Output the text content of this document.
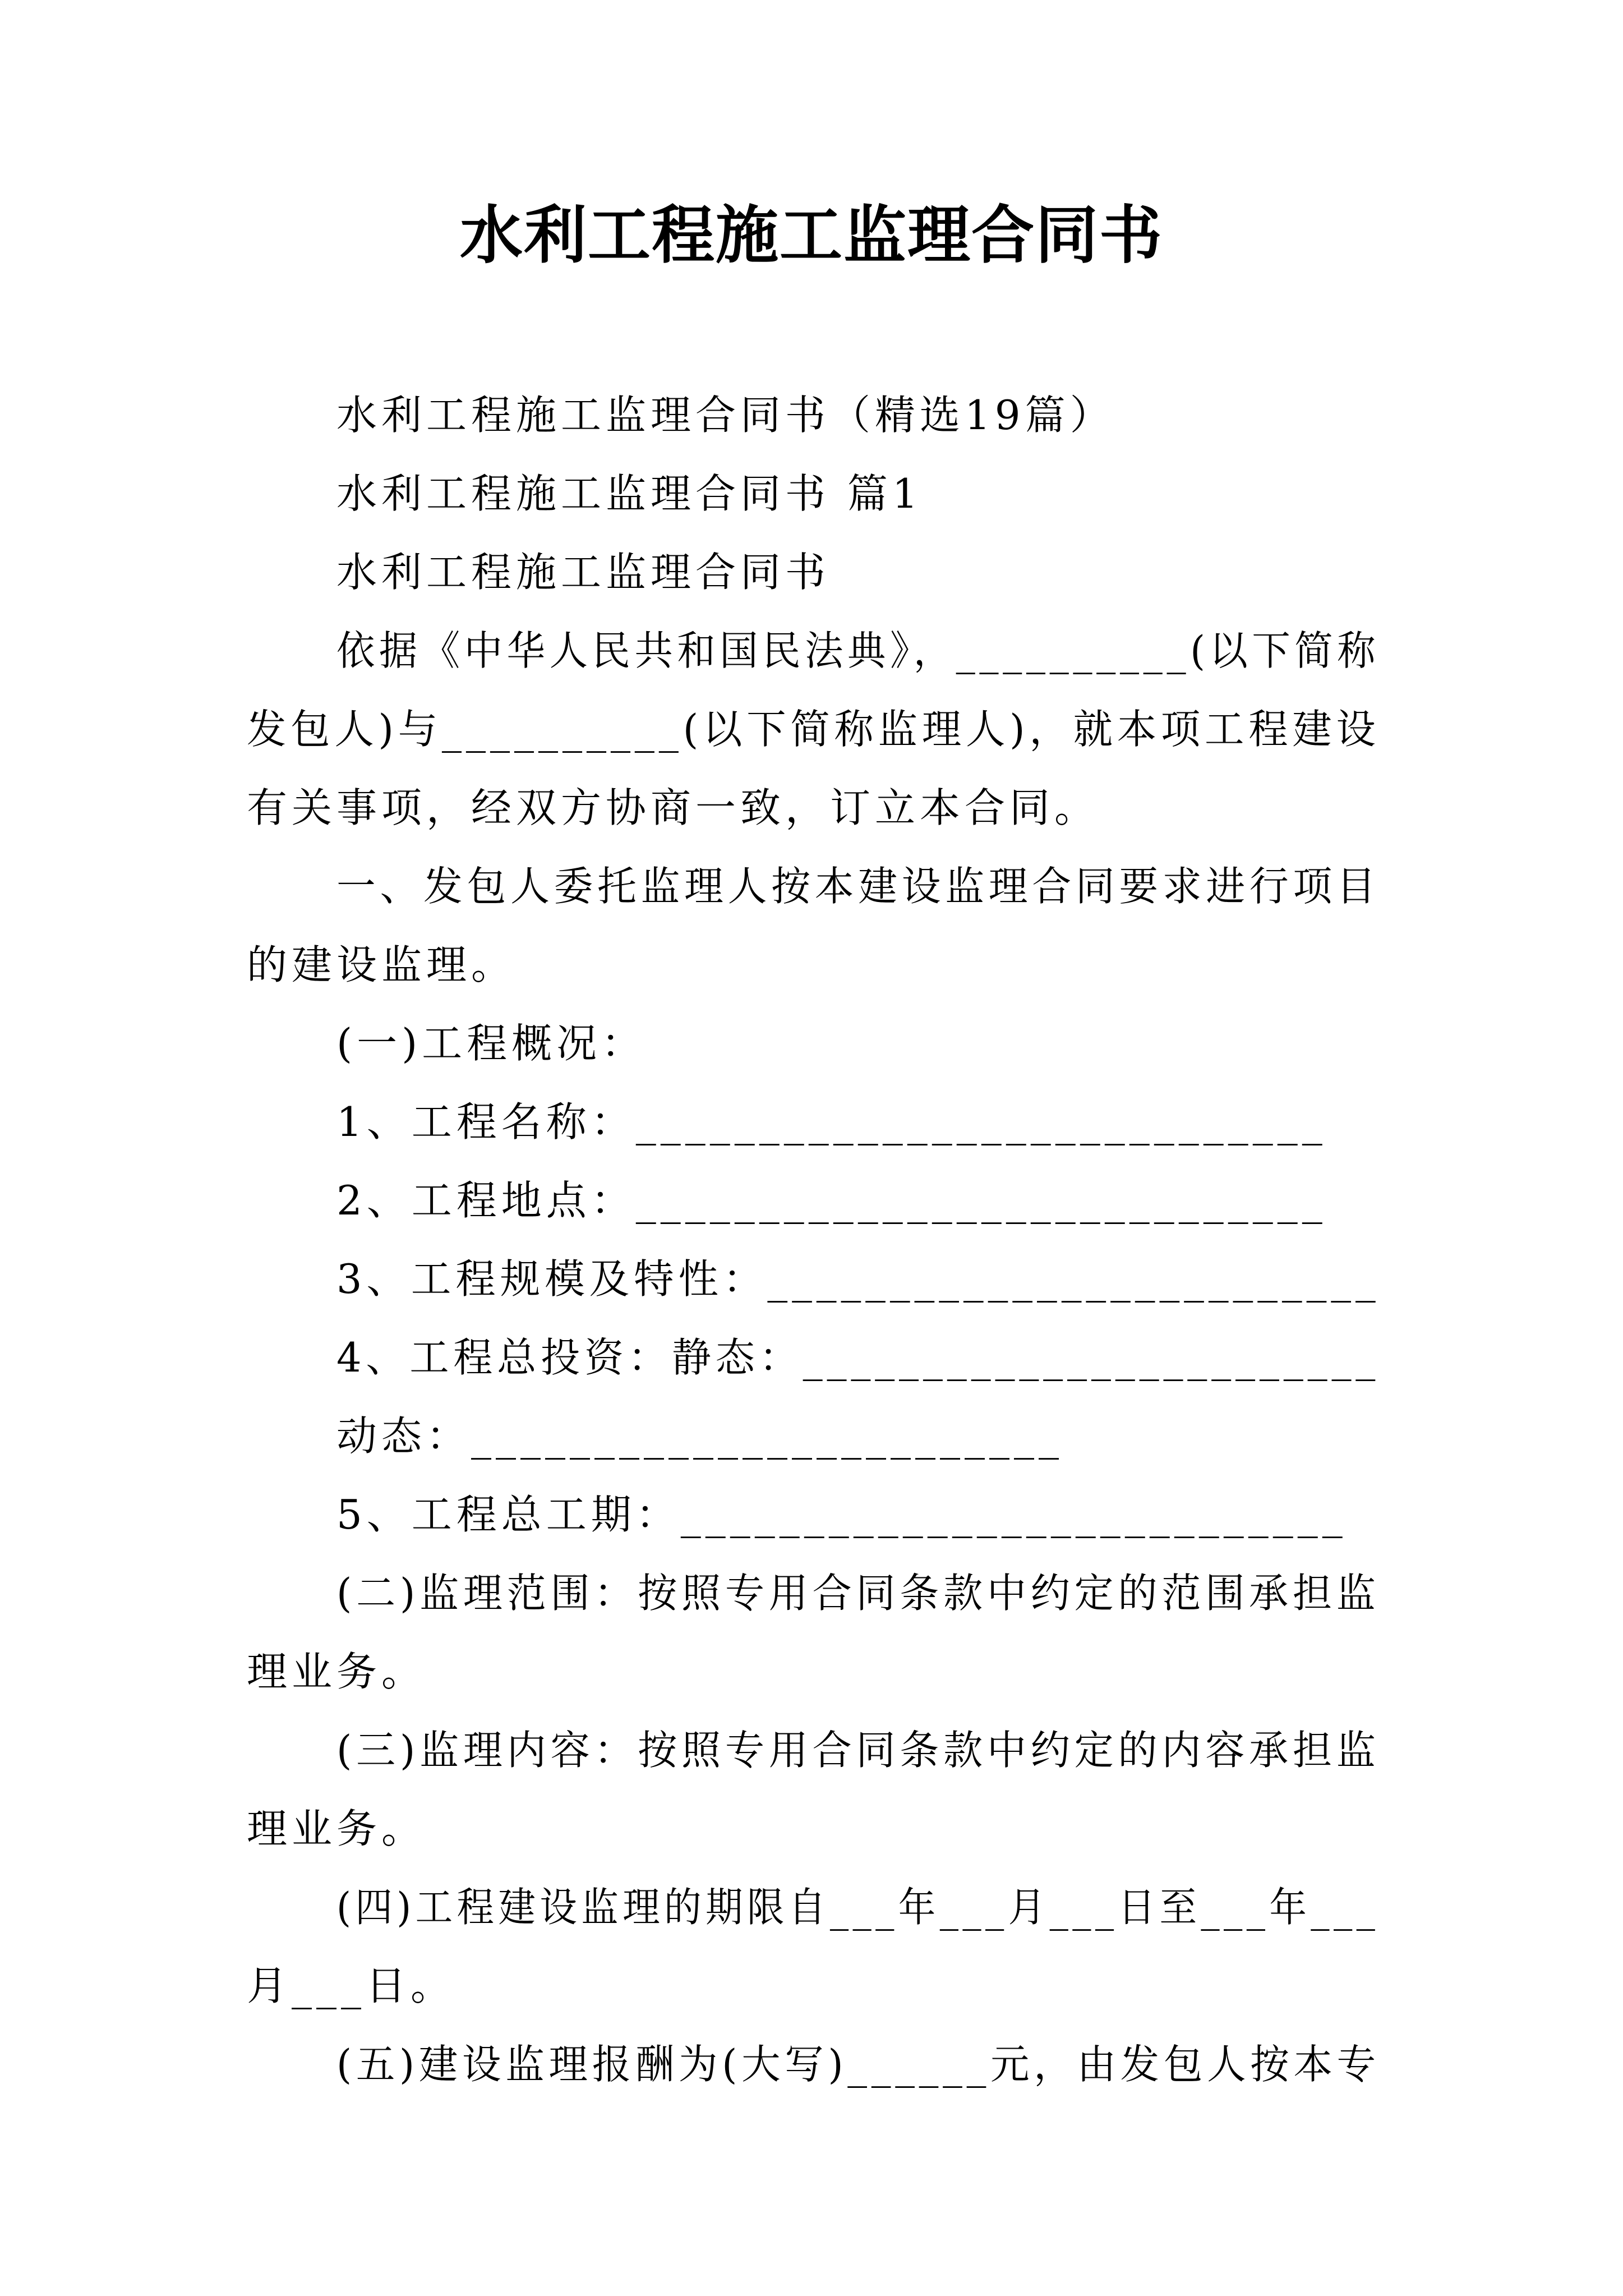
水利工程施工监理合同书
水利工程施工监理合同书（精选19篇）
水利工程施工监理合同书 篇1
水利工程施工监理合同书
依据《中华人民共和国民法典》，__________(以下简称
发包人)与__________(以下简称监理人)，就本项工程建设
有关事项，经双方协商一致，订立本合同。
一、发包人委托监理人按本建设监理合同要求进行项目
的建设监理。
(一)工程概况：
1、工程名称：____________________________
2、工程地点：____________________________
3、工程规模及特性：_________________________
4、工程总投资：静态：________________________
动态：________________________
5、工程总工期：___________________________
(二)监理范围：按照专用合同条款中约定的范围承担监
理业务。
(三)监理内容：按照专用合同条款中约定的内容承担监
理业务。
(四)工程建设监理的期限自___年___月___日至___年___
月___日。
(五)建设监理报酬为(大写)______元，由发包人按本专
